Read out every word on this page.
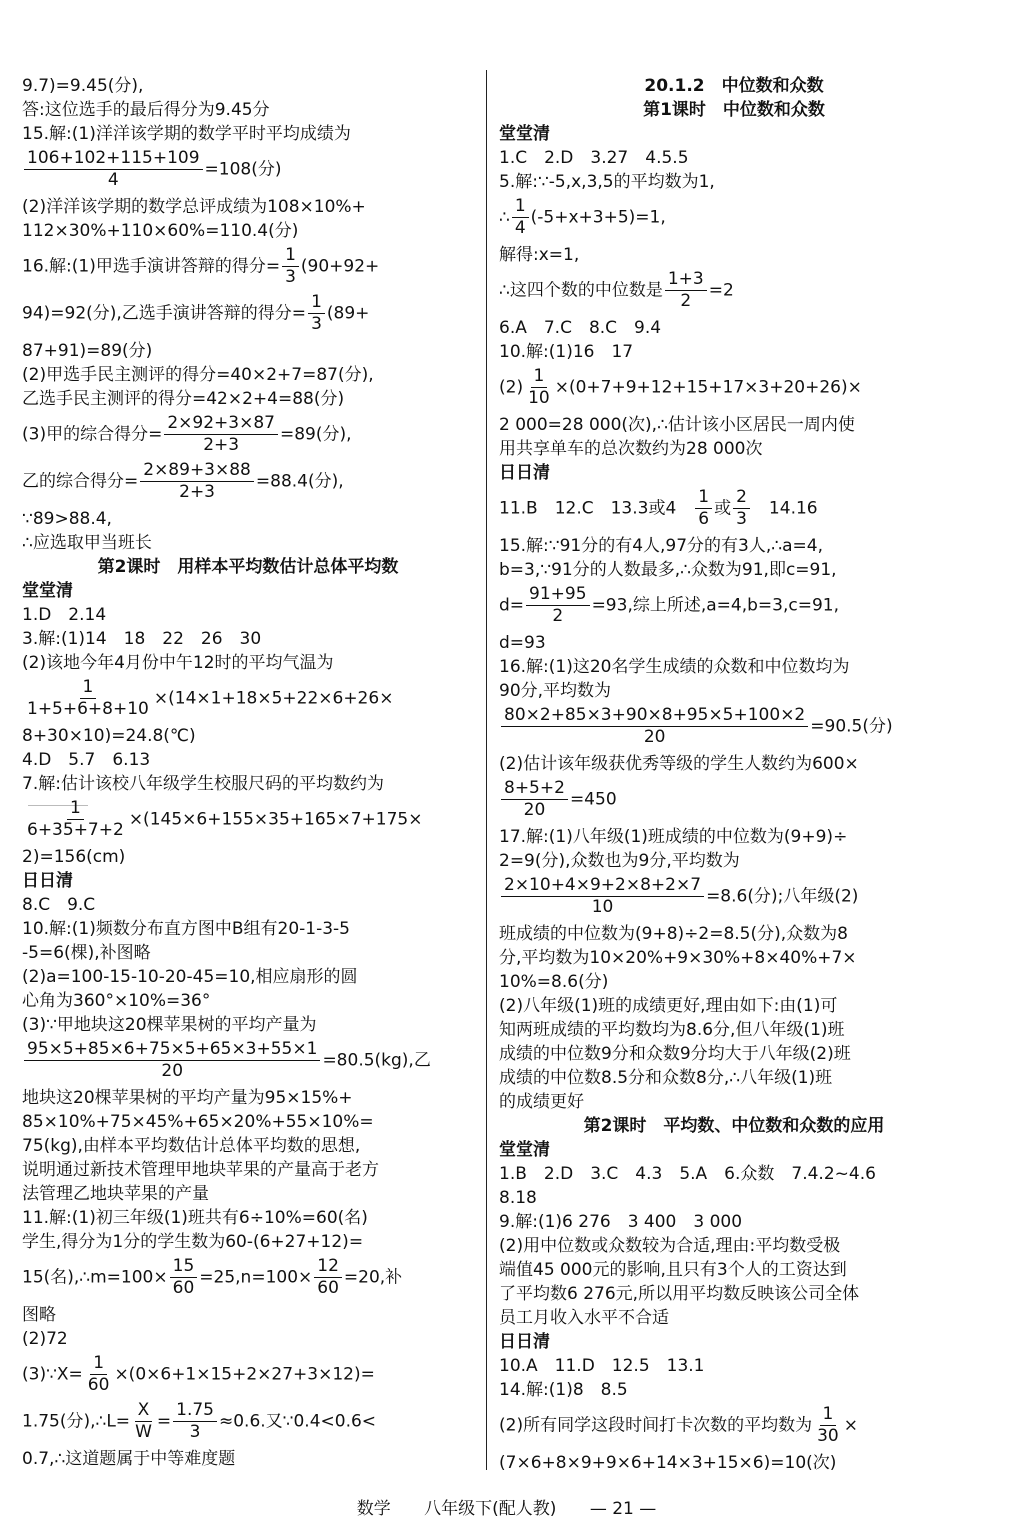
9.7)=9.45(分),
答:这位选手的最后得分为9.45分
15.解:(1)洋洋该学期的数学平时平均成绩为
$\frac{106+102+115+109}{4} =108$(分)
(2)洋洋该学期的数学总评成绩为108×10%+
112×30%+110×60%=110.4(分)
16.解:(1)甲选手演讲答辩的得分= $\frac{1}{3} (90+92+$
94)=92(分),乙选手演讲答辩的得分= $\frac{1}{3} (89+$
87+91)=89(分)
(2)甲选手民主测评的得分=40×2+7=87(分),
乙选手民主测评的得分=42×2+4=88(分)
(3)甲的综合得分= $\frac{2\times 92+3\times 87}{2+3} =89$(分),
乙的综合得分= $\frac{2\times 89+3\times 88}{2+3} =88.4$(分),
∵89>88.4,
∴应选取甲当班长
第2课时　用样本平均数估计总体平均数
堂堂清
1.D　2.14
3.解:(1)14　18　22　26　30
(2)该地今年4月份中午12时的平均气温为
$\frac{1}{1+5+6+8+10} \times(14\times 1+18\times 5+22\times 6+26\times$
8+30×10)=24.8(℃)
4.D　5.7　6.13
7.解:估计该校八年级学生校服尺码的平均数约为
$\frac{1}{6+35+7+2} \times(145\times 6+155\times 35+165\times 7+175\times$
2)=156(cm)
日日清
8.C　9.C
10.解:(1)频数分布直方图中B组有20-1-3-5
-5=6(棵),补图略
(2)a=100-15-10-20-45=10,相应扇形的圆
心角为360°×10%=36°
(3)∵甲地块这20棵苹果树的平均产量为
$\frac{95\times 5+85\times 6+75\times 5+65\times 3+55\times 1}{20} =80.5(kg)$,乙
地块这20棵苹果树的平均产量为95×15%+
85×10%+75×45%+65×20%+55×10%=
75(kg),由样本平均数估计总体平均数的思想,
说明通过新技术管理甲地块苹果的产量高于老方
法管理乙地块苹果的产量
11.解:(1)初三年级(1)班共有6÷10%=60(名)
学生,得分为1分的学生数为60-(6+27+12)=
15(名),∴m=100× $\frac{15}{60} =25,n=100\times \frac{12}{60} =20$,补
图略
(2)72
(3)∵X= $\frac{1}{60} \times(0\times 6+1\times 15+2\times 27+3\times 12)=$
1.75(分),∴L= $\frac{X}{W} = \frac{1.75}{3} \approx 0.6$.又∵0.4<0.6<
0.7,∴这道题属于中等难度题
20.1.2　中位数和众数
第1课时　中位数和众数
堂堂清
1.C　2.D　3.27　4.5.5
5.解:∵-5,x,3,5的平均数为1,
∴ $\frac{1}{4} (-5+x+3+5)=1$,
解得:x=1,
∴这四个数的中位数是 $\frac{1+3}{2} =2$
6.A　7.C　8.C　9.4
10.解:(1)16　17
$(2) \frac{1}{10} \times(0+7+9+12+15+17\times 3+20+26)\times$
2 000=28 000(次),∴估计该小区居民一周内使
用共享单车的总次数约为28 000次
日日清
11.B　12.C　13.3或4　 $\frac{1}{6}$ 或 $\frac{2}{3}$ 　14.16
15.解:∵91分的有4人,97分的有3人,∴a=4,
b=3,∵91分的人数最多,∴众数为91,即c=91,
$d= \frac{91+95}{2} =93$,综上所述,a=4,b=3,c=91,
d=93
16.解:(1)这20名学生成绩的众数和中位数均为
90分,平均数为
$\frac{80\times 2+85\times 3+90\times 8+95\times 5+100\times 2}{20} =90.5$(分)
(2)估计该年级获优秀等级的学生人数约为600×
$\frac{8+5+2}{20} =450$
17.解:(1)八年级(1)班成绩的中位数为(9+9)÷
2=9(分),众数也为9分,平均数为
$\frac{2\times 10+4\times 9+2\times 8+2\times 7}{10} =8.6$(分);八年级(2)
班成绩的中位数为(9+8)÷2=8.5(分),众数为8
分,平均数为10×20%+9×30%+8×40%+7×
10%=8.6(分)
(2)八年级(1)班的成绩更好,理由如下:由(1)可
知两班成绩的平均数均为8.6分,但八年级(1)班
成绩的中位数9分和众数9分均大于八年级(2)班
成绩的中位数8.5分和众数8分,∴八年级(1)班
的成绩更好
第2课时　平均数、中位数和众数的应用
堂堂清
1.B　2.D　3.C　4.3　5.A　6.众数　7.4.2~4.6
8.18
9.解:(1)6 276　3 400　3 000
(2)用中位数或众数较为合适,理由:平均数受极
端值45 000元的影响,且只有3个人的工资达到
了平均数6 276元,所以用平均数反映该公司全体
员工月收入水平不合适
日日清
10.A　11.D　12.5　13.1
14.解:(1)8　8.5
(2)所有同学这段时间打卡次数的平均数为 $\frac{1}{30}$ ×
(7×6+8×9+9×6+14×3+15×6)=10(次)
数学 八年级下(配人教) — 21 —
